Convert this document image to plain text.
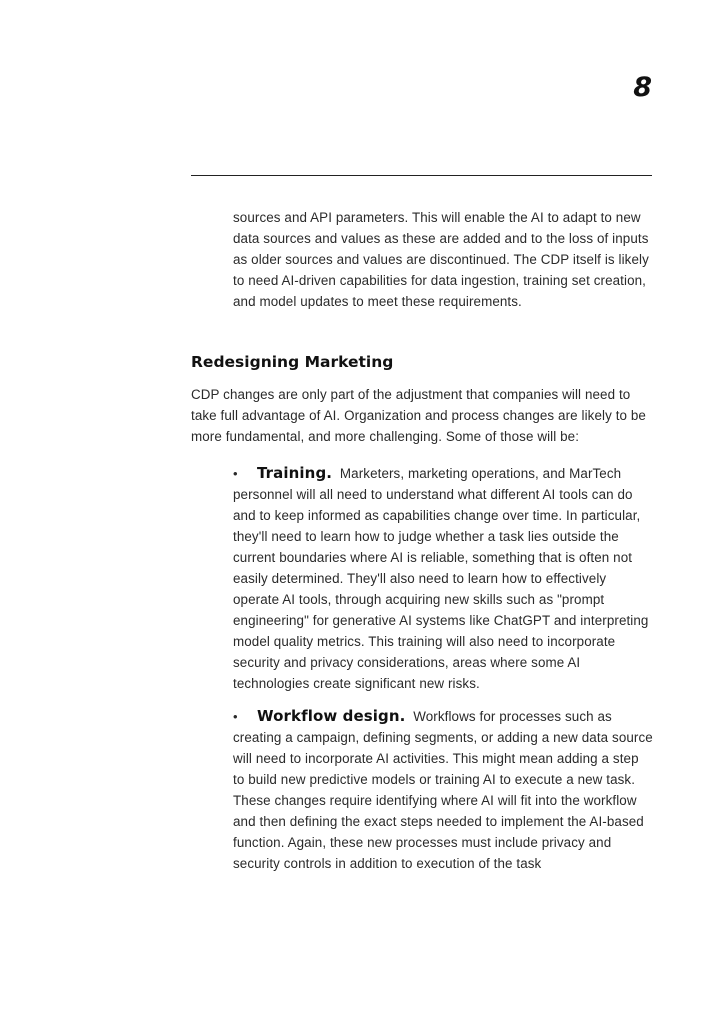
8

sources and API parameters. This will enable the AI to adapt to new data sources and values as these are added and to the loss of inputs as older sources and values are discontinued. The CDP itself is likely to need AI-driven capabilities for data ingestion, training set creation, and model updates to meet these requirements.

Redesigning Marketing

CDP changes are only part of the adjustment that companies will need to take full advantage of AI. Organization and process changes are likely to be more fundamental, and more challenging. Some of those will be:

• Training. Marketers, marketing operations, and MarTech personnel will all need to understand what different AI tools can do and to keep informed as capabilities change over time. In particular, they'll need to learn how to judge whether a task lies outside the current boundaries where AI is reliable, something that is often not easily determined. They'll also need to learn how to effectively operate AI tools, through acquiring new skills such as "prompt engineering" for generative AI systems like ChatGPT and interpreting model quality metrics. This training will also need to incorporate security and privacy considerations, areas where some AI technologies create significant new risks.

• Workflow design. Workflows for processes such as creating a campaign, defining segments, or adding a new data source will need to incorporate AI activities. This might mean adding a step to build new predictive models or training AI to execute a new task. These changes require identifying where AI will fit into the workflow and then defining the exact steps needed to implement the AI-based function. Again, these new processes must include privacy and security controls in addition to execution of the task
